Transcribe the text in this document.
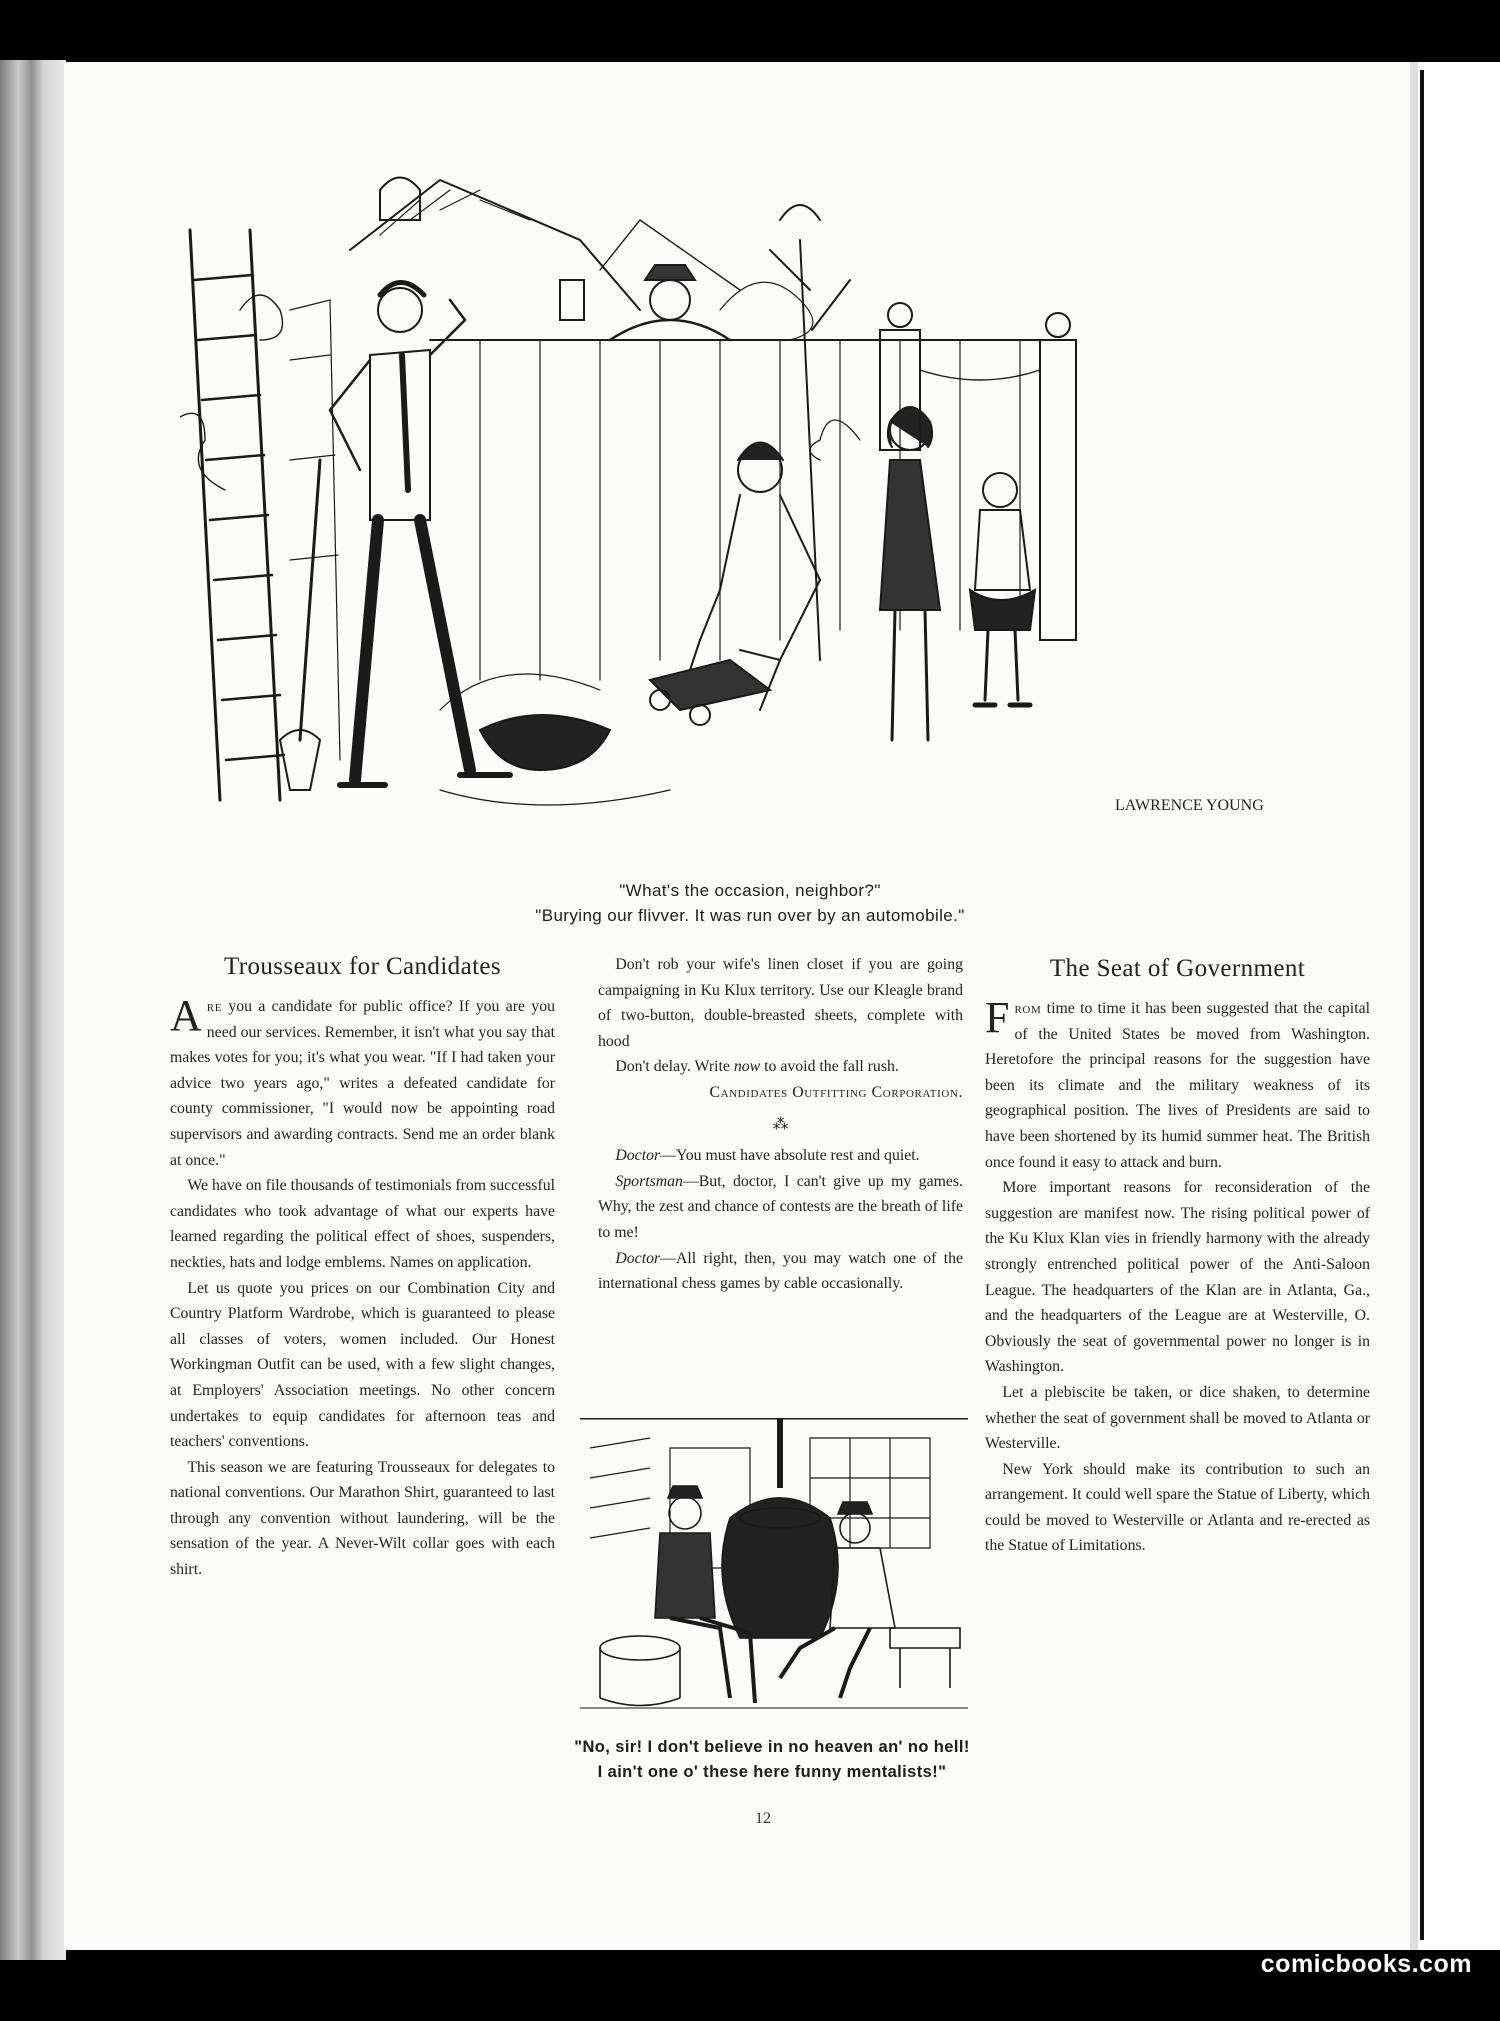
LAWRENCE YOUNG
"What's the occasion, neighbor?"
"Burying our flivver. It was run over by an automobile."
Trousseaux for Candidates

Are you a candidate for public office? If you are you need our services. Remember, it isn't what you say that makes votes for you; it's what you wear. "If I had taken your advice two years ago," writes a defeated candidate for county commissioner, "I would now be appointing road supervisors and awarding contracts. Send me an order blank at once."

We have on file thousands of testimonials from successful candidates who took advantage of what our experts have learned regarding the political effect of shoes, suspenders, neckties, hats and lodge emblems. Names on application.

Let us quote you prices on our Combination City and Country Platform Wardrobe, which is guaranteed to please all classes of voters, women included. Our Honest Workingman Outfit can be used, with a few slight changes, at Employers' Association meetings. No other concern undertakes to equip candidates for afternoon teas and teachers' conventions.

This season we are featuring Trousseaux for delegates to national conventions. Our Marathon Shirt, guaranteed to last through any convention without laundering, will be the sensation of the year. A Never-Wilt collar goes with each shirt.

Don't rob your wife's linen closet if you are going campaigning in Ku Klux territory. Use our Kleagle brand of two-button, double-breasted sheets, complete with hood

Don't delay. Write now to avoid the fall rush.

Candidates Outfitting Corporation.

⁂

Doctor—You must have absolute rest and quiet.

Sportsman—But, doctor, I can't give up my games. Why, the zest and chance of contests are the breath of life to me!

Doctor—All right, then, you may watch one of the international chess games by cable occasionally.

"No, sir! I don't believe in no heaven an' no hell! I ain't one o' these here funny mentalists!"
The Seat of Government

From time to time it has been suggested that the capital of the United States be moved from Washington. Heretofore the principal reasons for the suggestion have been its climate and the military weakness of its geographical position. The lives of Presidents are said to have been shortened by its humid summer heat. The British once found it easy to attack and burn.

More important reasons for reconsideration of the suggestion are manifest now. The rising political power of the Ku Klux Klan vies in friendly harmony with the already strongly entrenched political power of the Anti-Saloon League. The headquarters of the Klan are in Atlanta, Ga., and the headquarters of the League are at Westerville, O. Obviously the seat of governmental power no longer is in Washington.

Let a plebiscite be taken, or dice shaken, to determine whether the seat of government shall be moved to Atlanta or Westerville.

New York should make its contribution to such an arrangement. It could well spare the Statue of Liberty, which could be moved to Westerville or Atlanta and re-erected as the Statue of Limitations.

12
comicbooks.com
